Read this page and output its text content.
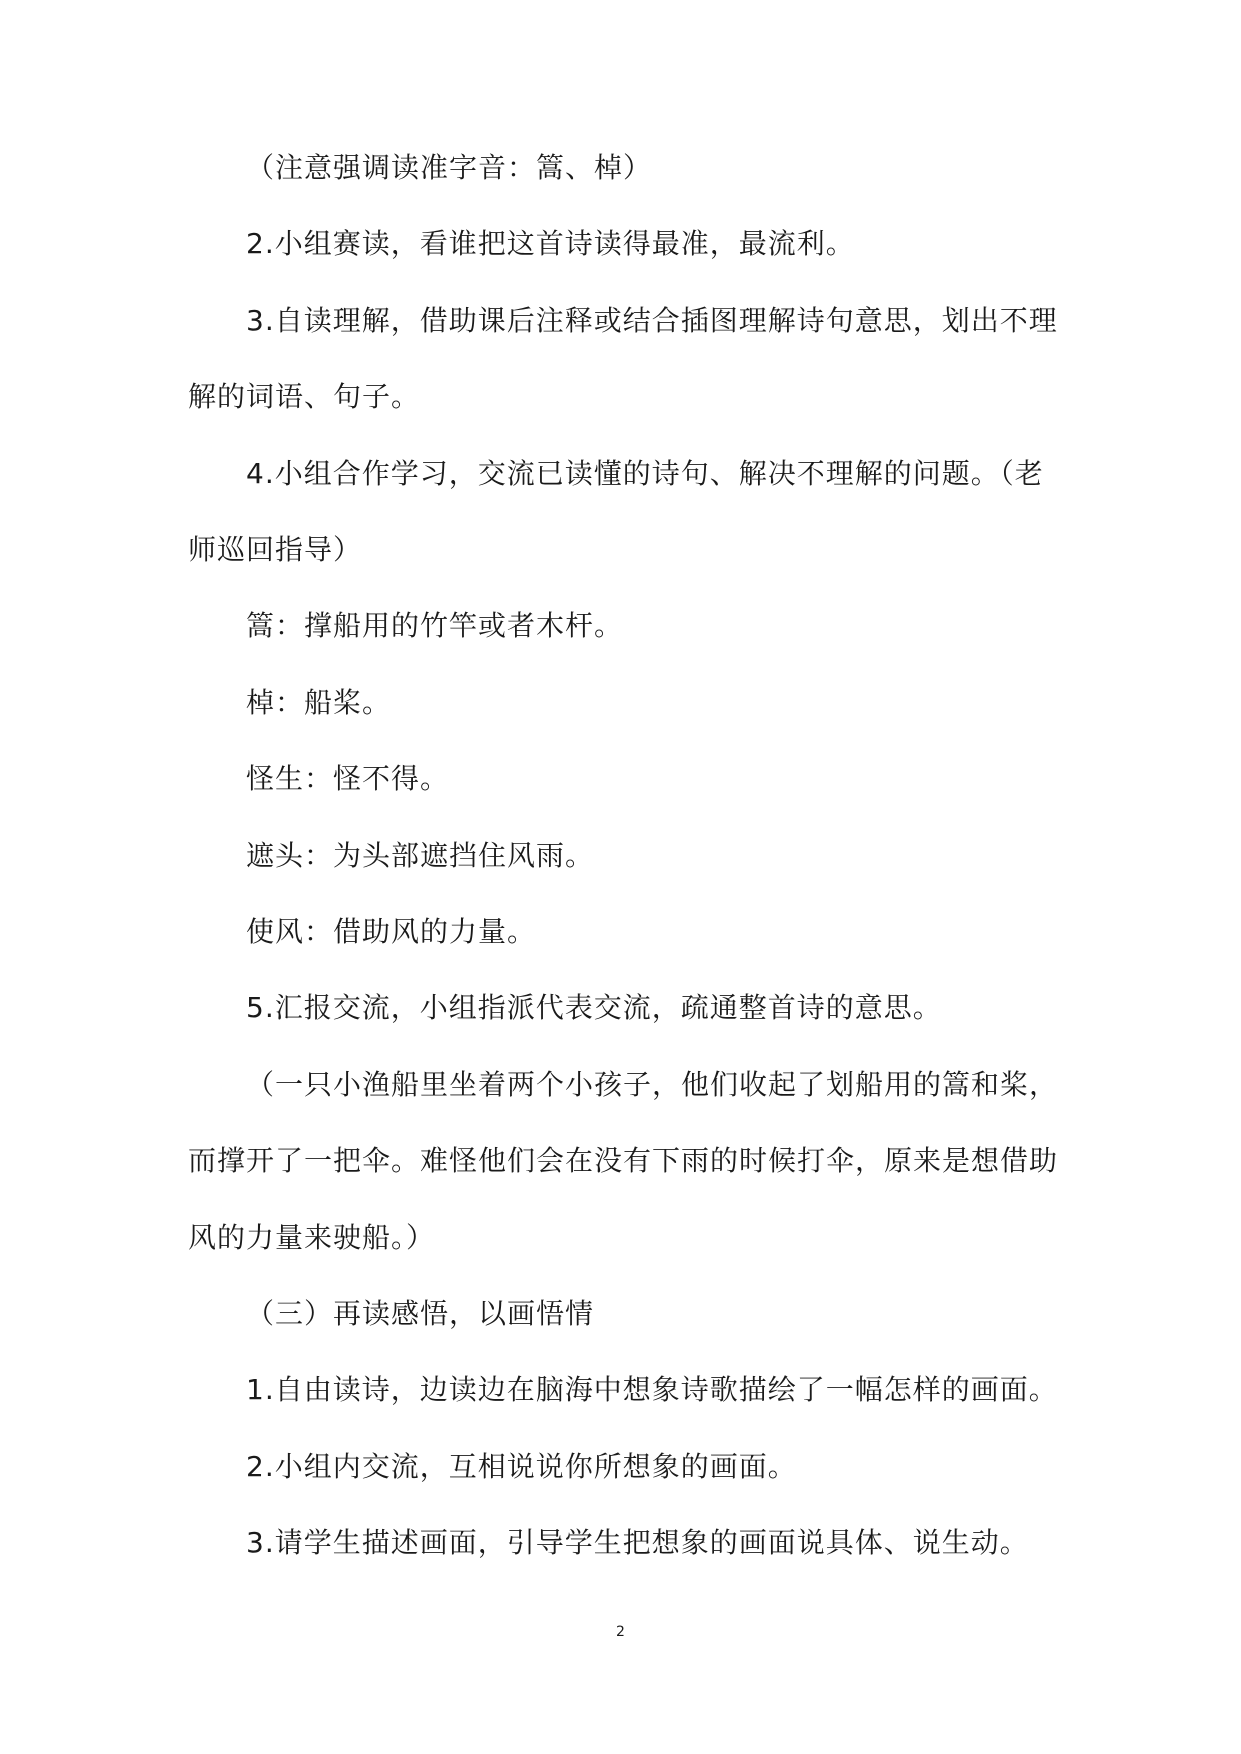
（注意强调读准字音：篙、棹）
2.小组赛读，看谁把这首诗读得最准，最流利。
3.自读理解，借助课后注释或结合插图理解诗句意思，划出不理
解的词语、句子。
4.小组合作学习，交流已读懂的诗句、解决不理解的问题。（老
师巡回指导）
篙：撑船用的竹竿或者木杆。
棹：船桨。
怪生：怪不得。
遮头：为头部遮挡住风雨。
使风：借助风的力量。
5.汇报交流，小组指派代表交流，疏通整首诗的意思。
（一只小渔船里坐着两个小孩子，他们收起了划船用的篙和桨，
而撑开了一把伞。难怪他们会在没有下雨的时候打伞，原来是想借助
风的力量来驶船。）
（三）再读感悟，以画悟情
1.自由读诗，边读边在脑海中想象诗歌描绘了一幅怎样的画面。
2.小组内交流，互相说说你所想象的画面。
3.请学生描述画面，引导学生把想象的画面说具体、说生动。
2
